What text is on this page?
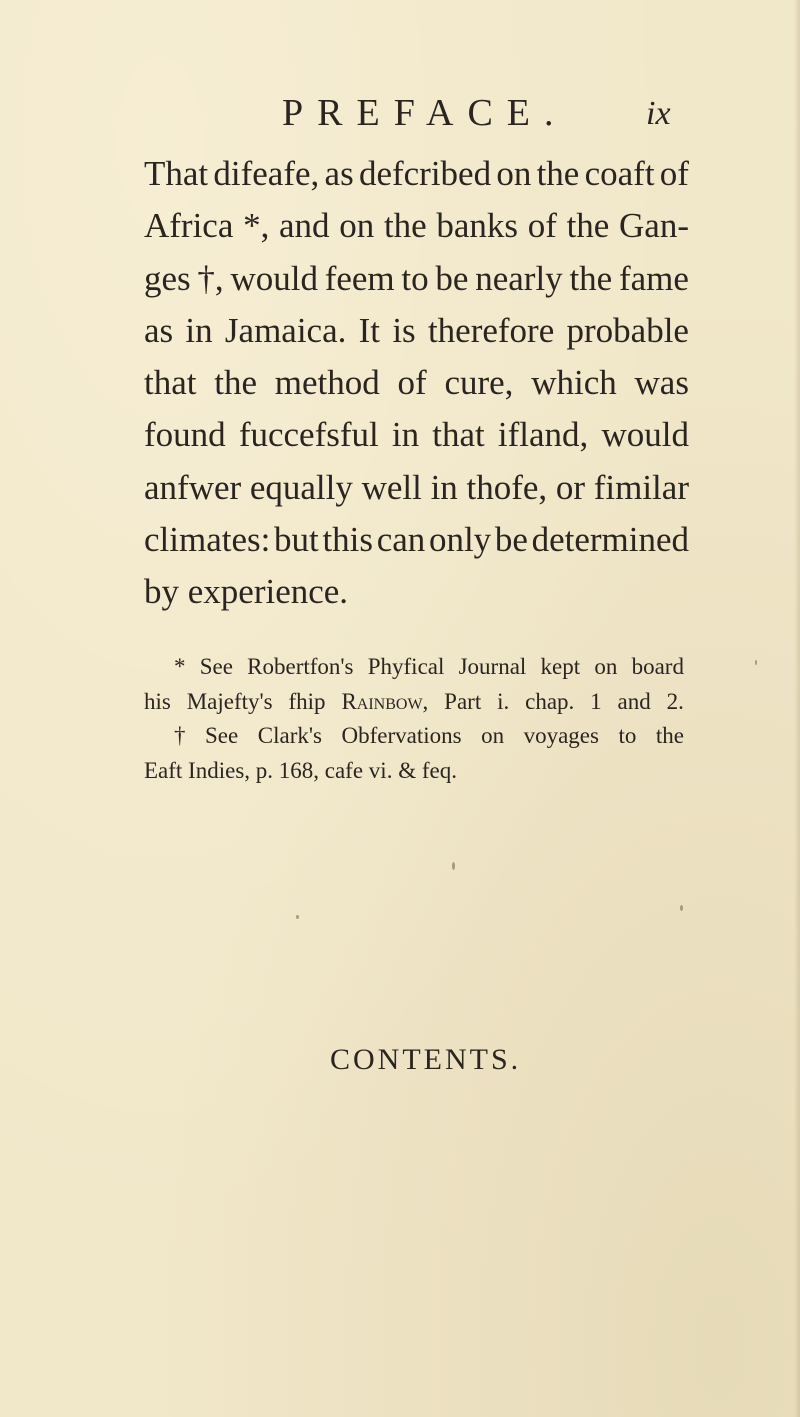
PREFACE. ix
That difeafe, as defcribed on the coaft of
Africa *, and on the banks of the Gan-
ges †, would feem to be nearly the fame
as in Jamaica. It is therefore probable
that the method of cure, which was
found fuccefsful in that ifland, would
anfwer equally well in thofe, or fimilar
climates: but this can only be determined
by experience.
* See Robertfon's Phyfical Journal kept on board
his Majefty's fhip Rainbow, Part i. chap. 1 and 2.
† See Clark's Obfervations on voyages to the
Eaft Indies, p. 168, cafe vi. & feq.
CONTENTS.
